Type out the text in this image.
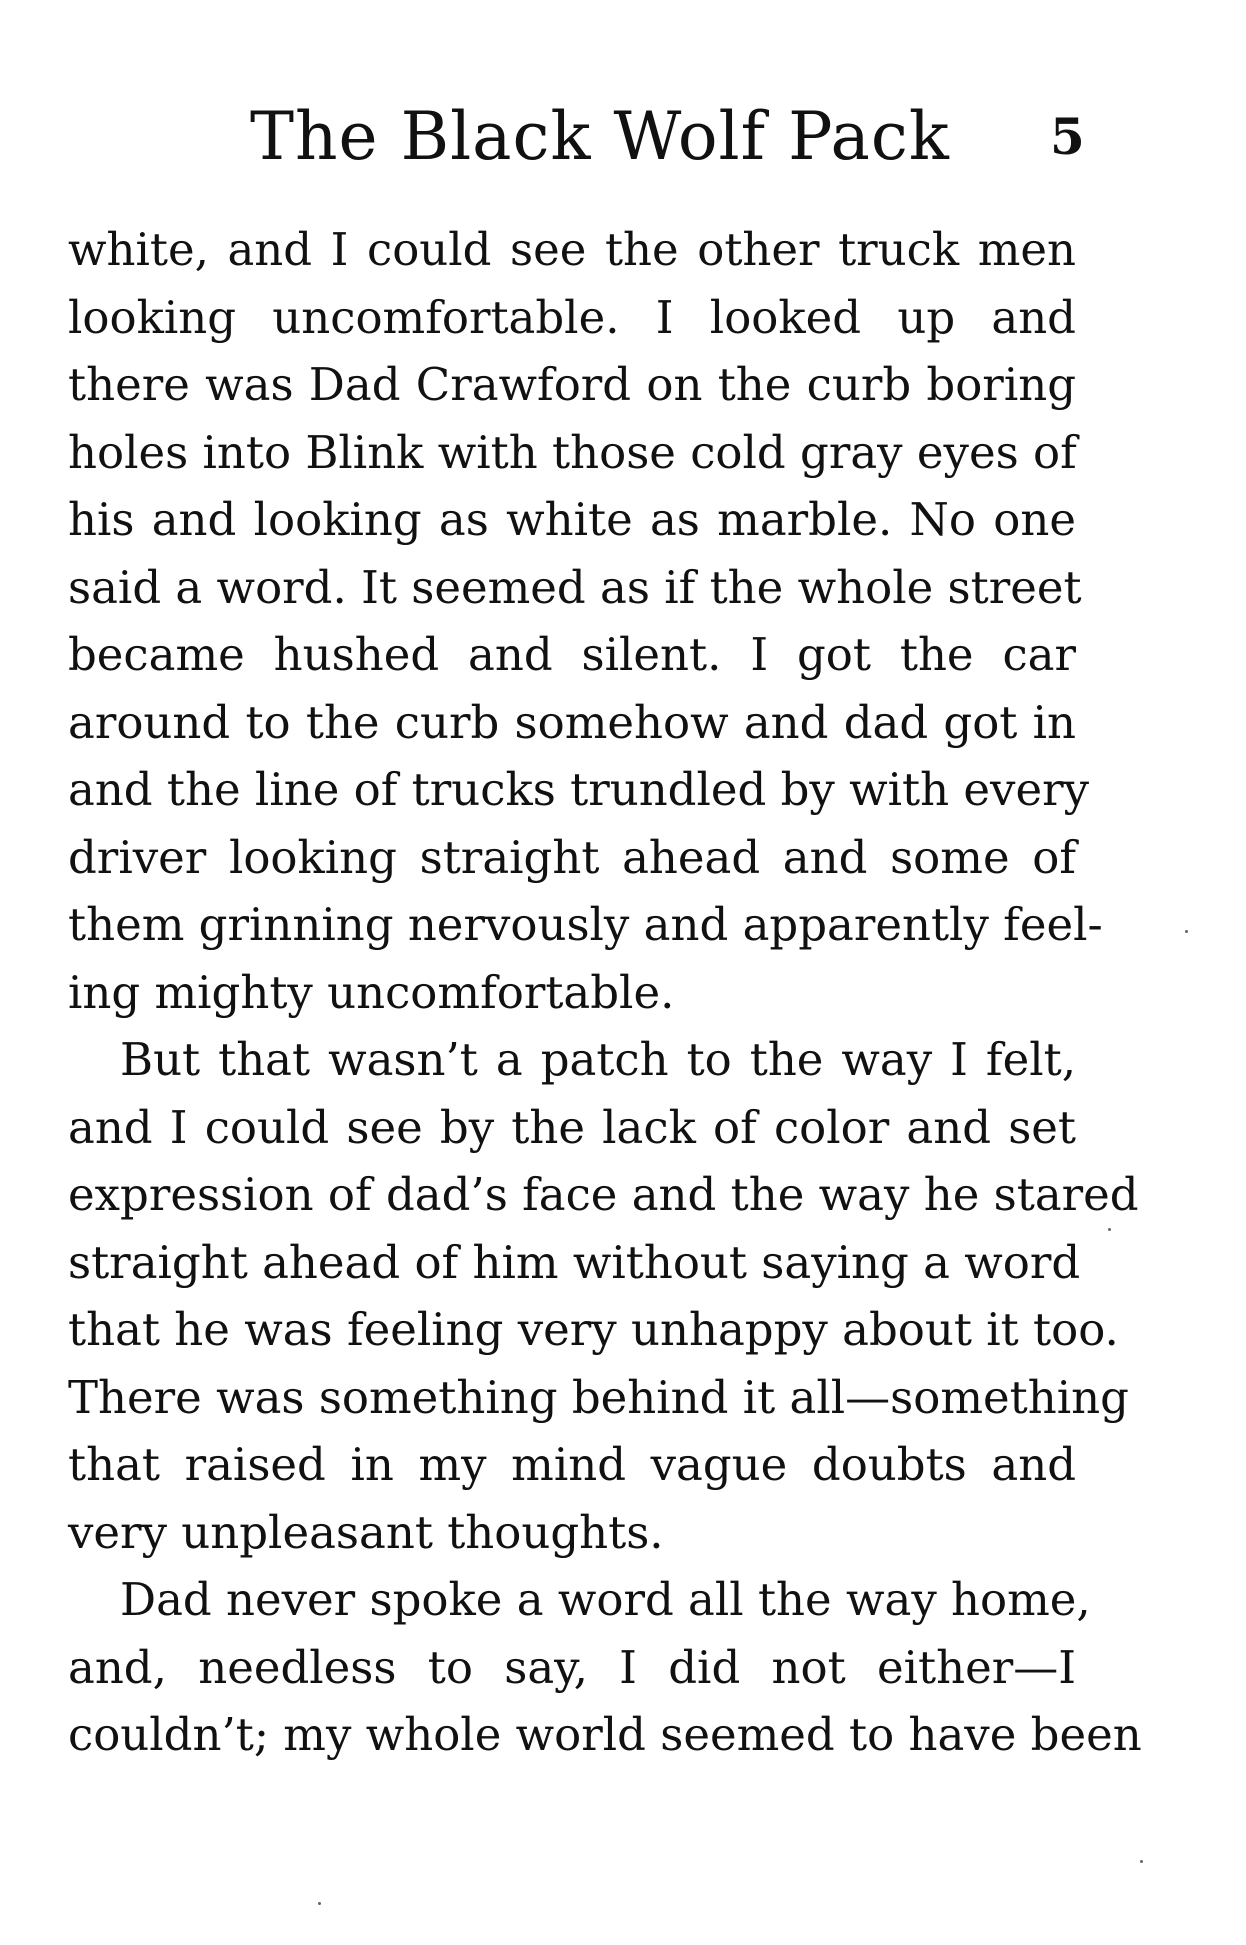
The Black Wolf Pack 5
white, and I could see the other truck men
looking uncomfortable. I looked up and
there was Dad Crawford on the curb boring
holes into Blink with those cold gray eyes of
his and looking as white as marble. No one
said a word. It seemed as if the whole street
became hushed and silent. I got the car
around to the curb somehow and dad got in
and the line of trucks trundled by with every
driver looking straight ahead and some of
them grinning nervously and apparently feel-
ing mighty uncomfortable.
But that wasn’t a patch to the way I felt,
and I could see by the lack of color and set
expression of dad’s face and the way he stared
straight ahead of him without saying a word
that he was feeling very unhappy about it too.
There was something behind it all—something
that raised in my mind vague doubts and
very unpleasant thoughts.
Dad never spoke a word all the way home,
and, needless to say, I did not either—I
couldn’t; my whole world seemed to have been
